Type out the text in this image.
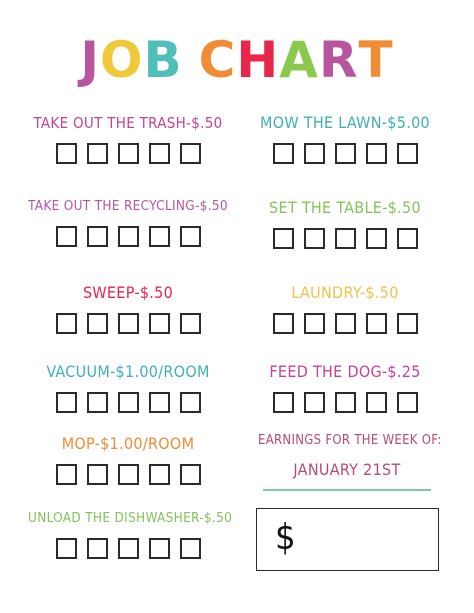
JOB CHART
TAKE OUT THE TRASH-$.50	MOW THE LAWN-$5.00
TAKE OUT THE RECYCLING-$.50	SET THE TABLE-$.50
SWEEP-$.50	LAUNDRY-$.50
VACUUM-$1.00/ROOM	FEED THE DOG-$.25
MOP-$1.00/ROOM
UNLOAD THE DISHWASHER-$.50
EARNINGS FOR THE WEEK OF:
JANUARY 21ST
$
